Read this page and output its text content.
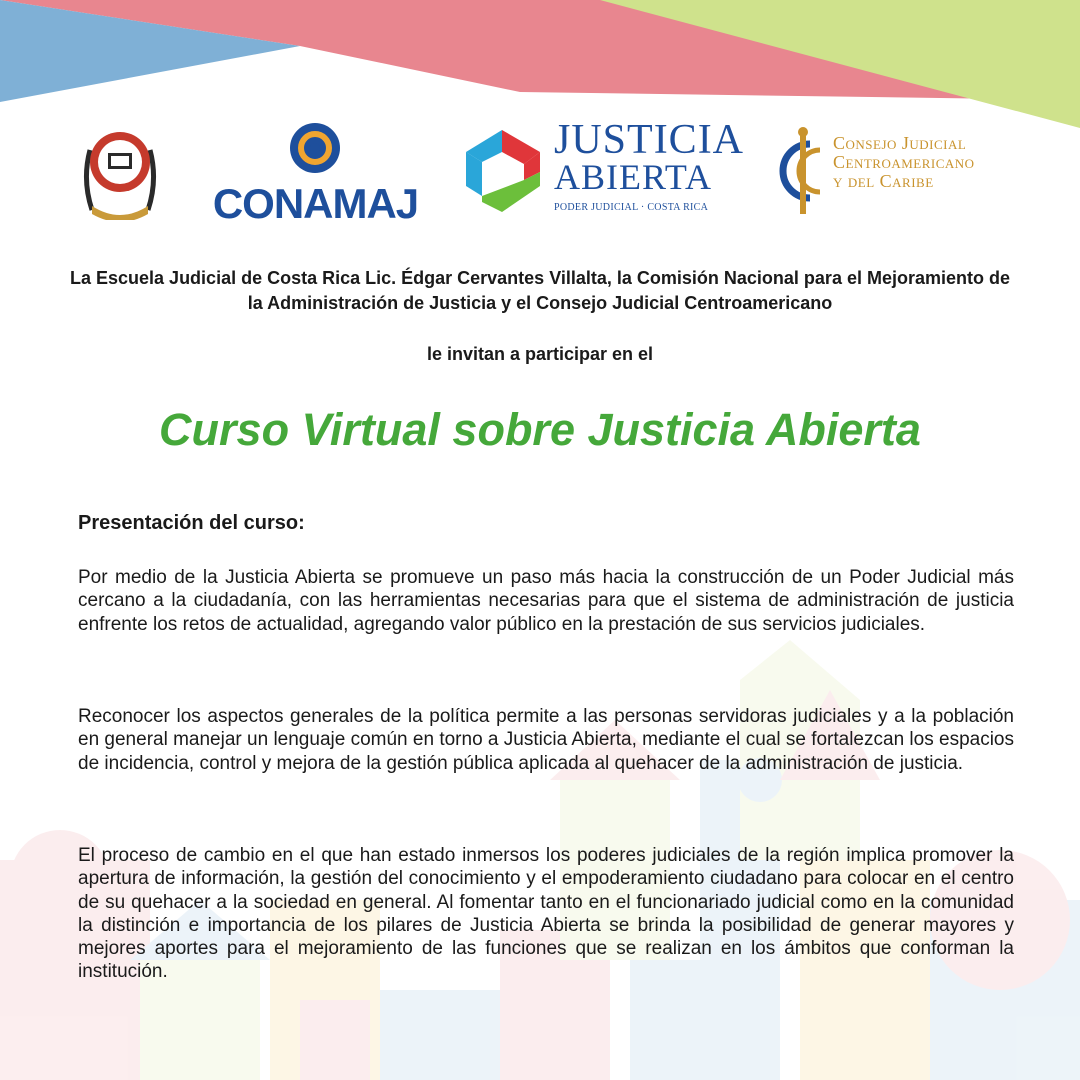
CONAMAJ
JUSTICIA
ABIERTA
PODER JUDICIAL · COSTA RICA
Consejo Judicial
Centroamericano
y del Caribe
La Escuela Judicial de Costa Rica Lic. Édgar Cervantes Villalta, la Comisión Nacional para el Mejoramiento de la Administración de Justicia y el Consejo Judicial Centroamericano
le invitan a participar en el
Curso Virtual sobre Justicia Abierta
Presentación del curso:

Por medio de la Justicia Abierta se promueve un paso más hacia la construcción de un Poder Judicial más cercano a la ciudadanía, con las herramientas necesarias para que el sistema de administración de justicia enfrente los retos de actualidad, agregando valor público en la prestación de sus servicios judiciales.

Reconocer los aspectos generales de la política permite a las personas servidoras judiciales y a la población en general manejar un lenguaje común en torno a Justicia Abierta, mediante el cual se fortalezcan los espacios de incidencia, control y mejora de la gestión pública aplicada al quehacer de la administración de justicia.

El proceso de cambio en el que han estado inmersos los poderes judiciales de la región implica promover la apertura de información, la gestión del conocimiento y el empoderamiento ciudadano para colocar en el centro de su quehacer a la sociedad en general. Al fomentar tanto en el funcionariado judicial como en la comunidad la distinción e importancia de los pilares de Justicia Abierta se brinda la posibilidad de generar mayores y mejores aportes para el mejoramiento de las funciones que se realizan en los ámbitos que conforman la institución.
